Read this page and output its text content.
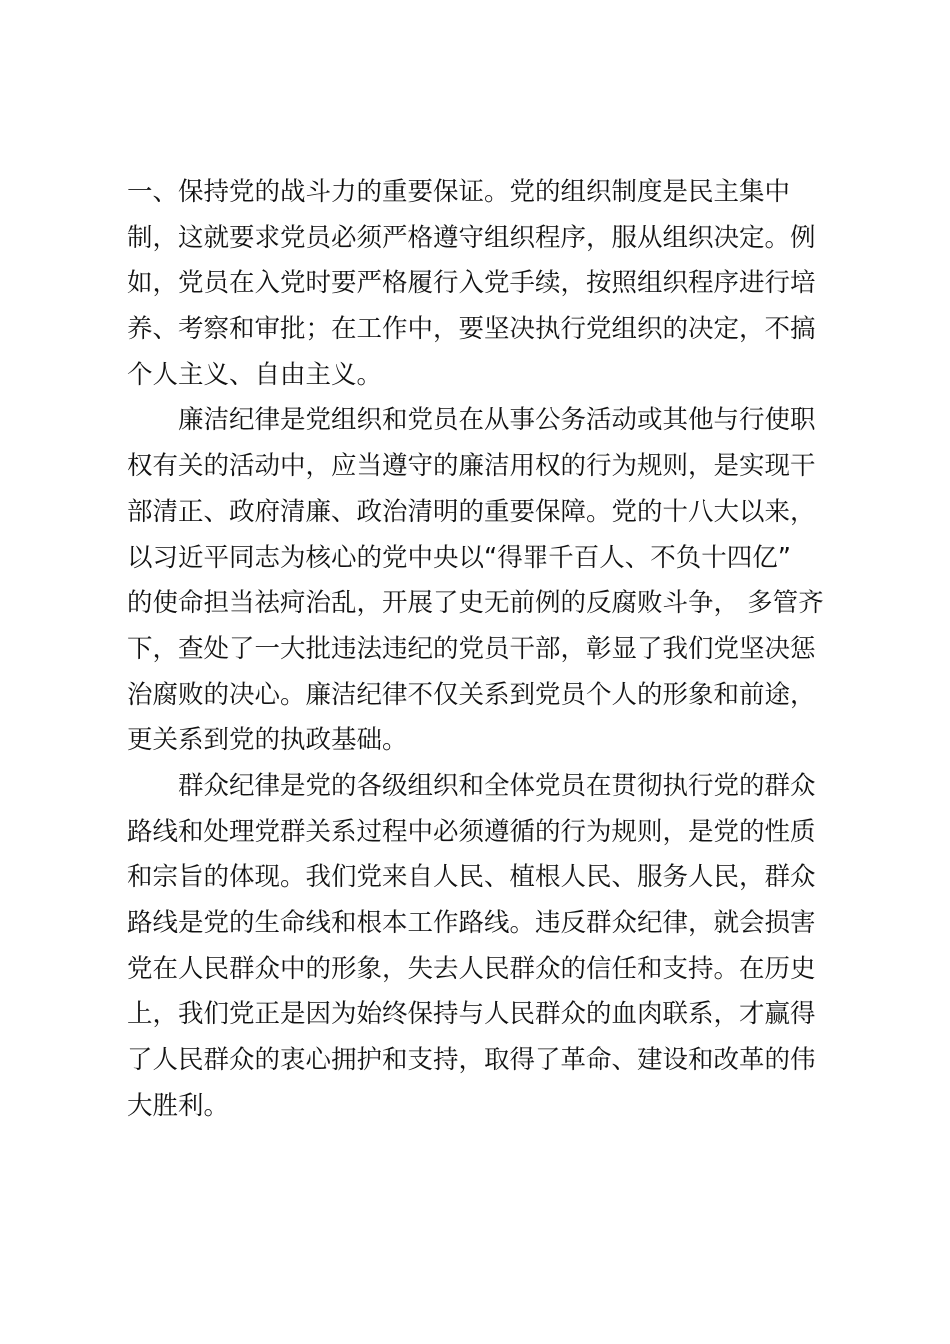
一、保持党的战斗力的重要保证。党的组织制度是民主集中
制，这就要求党员必须严格遵守组织程序，服从组织决定。例
如，党员在入党时要严格履行入党手续，按照组织程序进行培
养、考察和审批；在工作中，要坚决执行党组织的决定，不搞
个人主义、自由主义。
廉洁纪律是党组织和党员在从事公务活动或其他与行使职
权有关的活动中，应当遵守的廉洁用权的行为规则，是实现干
部清正、政府清廉、政治清明的重要保障。党的十八大以来，
以习近平同志为核心的党中央以“得罪千百人、不负十四亿”
的使命担当祛疴治乱，开展了史无前例的反腐败斗争， 多管齐
下，查处了一大批违法违纪的党员干部，彰显了我们党坚决惩
治腐败的决心。廉洁纪律不仅关系到党员个人的形象和前途，
更关系到党的执政基础。
群众纪律是党的各级组织和全体党员在贯彻执行党的群众
路线和处理党群关系过程中必须遵循的行为规则，是党的性质
和宗旨的体现。我们党来自人民、植根人民、服务人民，群众
路线是党的生命线和根本工作路线。违反群众纪律，就会损害
党在人民群众中的形象，失去人民群众的信任和支持。在历史
上，我们党正是因为始终保持与人民群众的血肉联系，才赢得
了人民群众的衷心拥护和支持，取得了革命、建设和改革的伟
大胜利。
